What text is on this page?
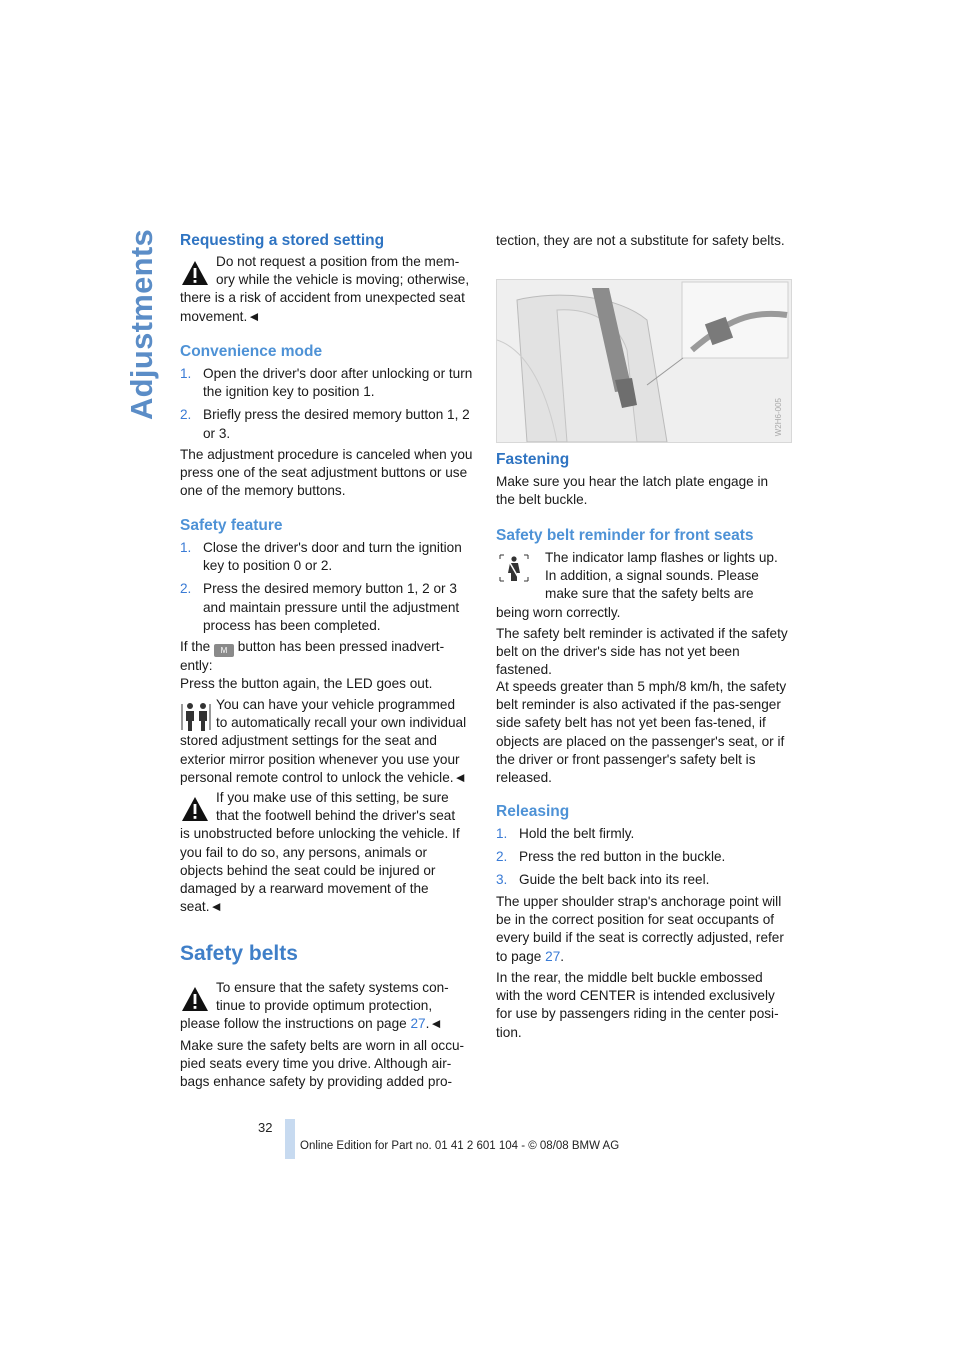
Adjustments Requesting a stored setting

Do not request a position from the mem-

ory while the vehicle is moving; otherwise,

there is a risk of accident from unexpected seat movement.◄

Convenience mode
1. Open the driver's door after unlocking or turn the ignition key to position 1.
2. Briefly press the desired memory button 1, 2 or 3.

The adjustment procedure is canceled when you press one of the seat adjustment buttons or use one of the memory buttons.

Safety feature
1. Close the driver's door and turn the ignition key to position 0 or 2.
2. Press the desired memory button 1, 2 or 3 and maintain pressure until the adjustment process has been completed.

If the M button has been pressed inadvert-

ently:

Press the button again, the LED goes out.

You can have your vehicle programmed

to automatically recall your own individual

stored adjustment settings for the seat and exterior mirror position whenever you use your personal remote control to unlock the vehicle.◄

If you make use of this setting, be sure

that the footwell behind the driver's seat

is unobstructed before unlocking the vehicle. If you fail to do so, any persons, animals or objects behind the seat could be injured or damaged by a rearward movement of the seat.◄

Safety belts

To ensure that the safety systems con-

tinue to provide optimum protection,

please follow the instructions on page 27.◄

Make sure the safety belts are worn in all occu-pied seats every time you drive. Although air-bags enhance safety by providing added pro-

tection, they are not a substitute for safety belts.

W2H6-005
Fastening

Make sure you hear the latch plate engage in the belt buckle.

Safety belt reminder for front seats

The indicator lamp flashes or lights up.

In addition, a signal sounds. Please

make sure that the safety belts are

being worn correctly.

The safety belt reminder is activated if the safety belt on the driver's side has not yet been fastened.

At speeds greater than 5 mph/8 km/h, the safety belt reminder is also activated if the pas-senger side safety belt has not yet been fas-tened, if objects are placed on the passenger's seat, or if the driver or front passenger's safety belt is released.

Releasing
1. Hold the belt firmly.
2. Press the red button in the buckle.
3. Guide the belt back into its reel.

The upper shoulder strap's anchorage point will be in the correct position for seat occupants of every build if the seat is correctly adjusted, refer to page 27.

In the rear, the middle belt buckle embossed with the word CENTER is intended exclusively for use by passengers riding in the center posi-tion.

32
Online Edition for Part no. 01 41 2 601 104 - © 08/08 BMW AG
